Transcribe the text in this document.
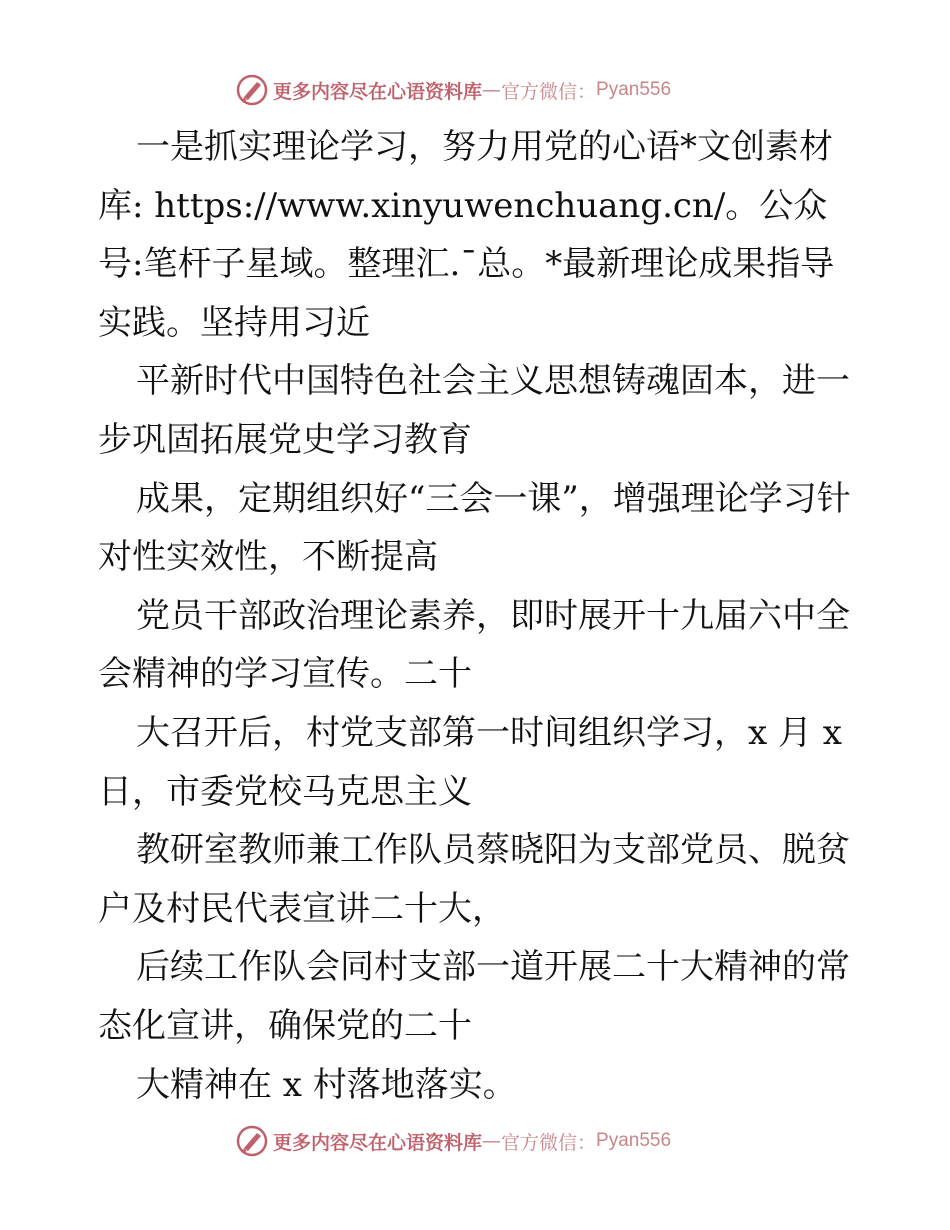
更多内容尽在心语资料库 — 官方微信： Pyan556

一是抓实理论学习，努力用党的心语*文创素材库: https://www.xinyuwenchuang.cn/。公众号:笔杆子星域。整理汇.¯总。*最新理论成果指导实践。坚持用习近

平新时代中国特色社会主义思想铸魂固本，进一步巩固拓展党史学习教育

成果，定期组织好“三会一课”，增强理论学习针对性实效性，不断提高

党员干部政治理论素养，即时展开十九届六中全会精神的学习宣传。二十

大召开后，村党支部第一时间组织学习，x 月 x 日，市委党校马克思主义

教研室教师兼工作队员蔡晓阳为支部党员、脱贫户及村民代表宣讲二十大，

后续工作队会同村支部一道开展二十大精神的常态化宣讲，确保党的二十

大精神在 x 村落地落实。

更多内容尽在心语资料库 — 官方微信： Pyan556
